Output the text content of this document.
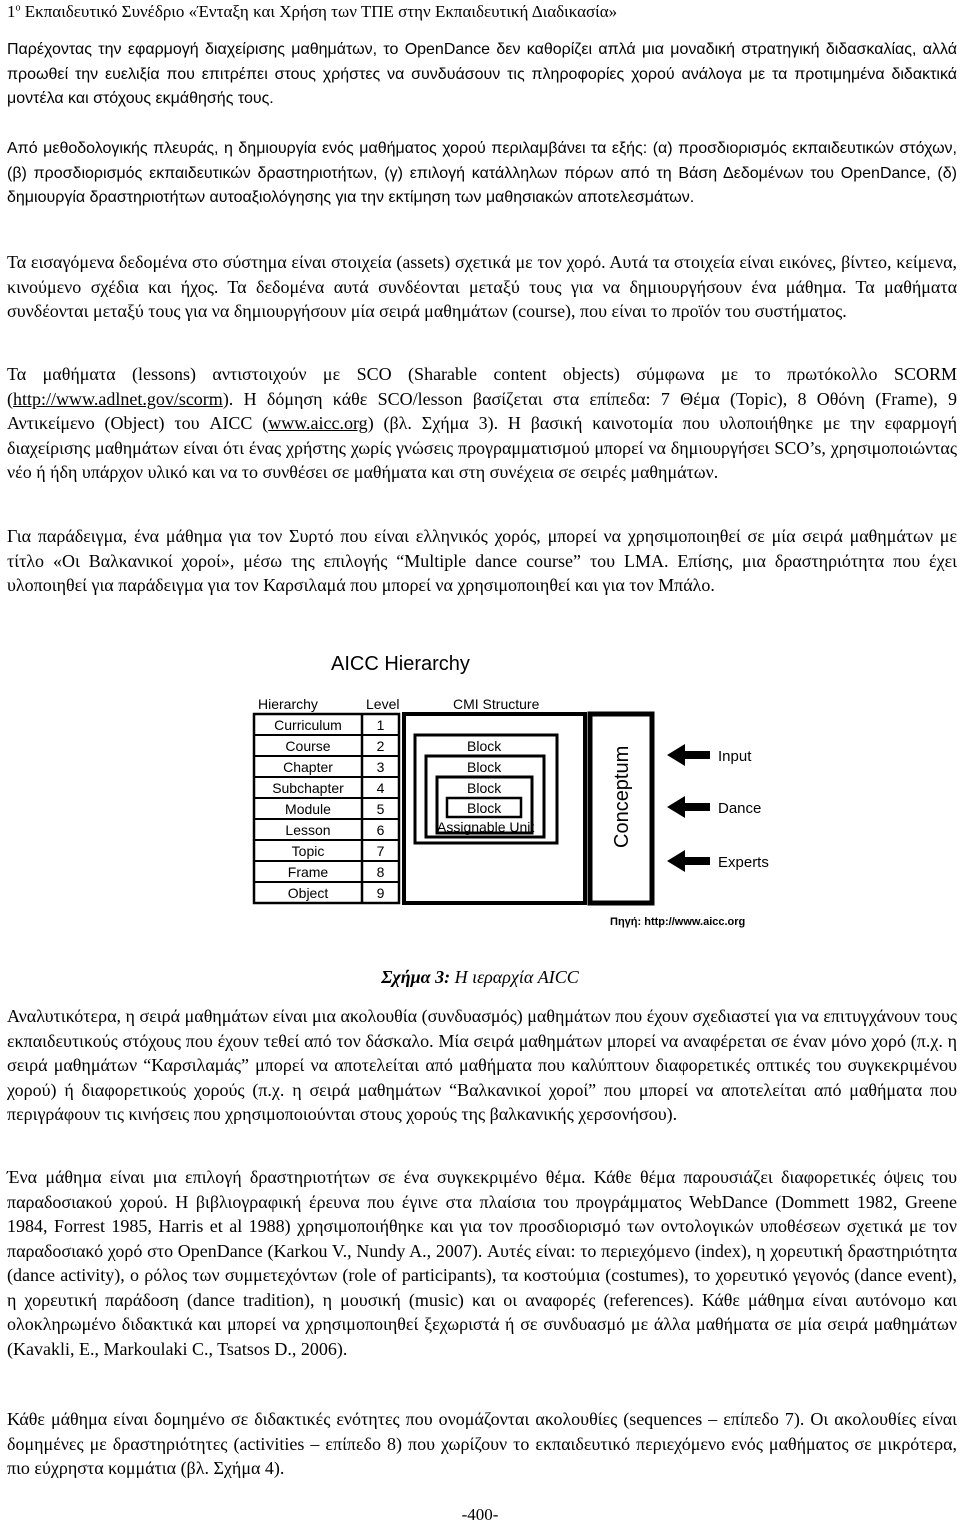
$1^o$ Εκπαιδευτικό Συνέδριο «Ένταξη και Χρήση των ΤΠΕ στην Εκπαιδευτική Διαδικασία»

Παρέχοντας την εφαρμογή διαχείρισης μαθημάτων, το OpenDance δεν καθορίζει απλά μια μοναδική στρατηγική διδασκαλίας, αλλά προωθεί την ευελιξία που επιτρέπει στους χρήστες να συνδυάσουν τις πληροφορίες χορού ανάλογα με τα προτιμημένα διδακτικά μοντέλα και στόχους εκμάθησής τους.

Από μεθοδολογικής πλευράς, η δημιουργία ενός μαθήματος χορού περιλαμβάνει τα εξής: (α) προσδιορισμός εκπαιδευτικών στόχων, (β) προσδιορισμός εκπαιδευτικών δραστηριοτήτων, (γ) επιλογή κατάλληλων πόρων από τη Βάση Δεδομένων του OpenDance, (δ) δημιουργία δραστηριοτήτων αυτοαξιολόγησης για την εκτίμηση των μαθησιακών αποτελεσμάτων.

Τα εισαγόμενα δεδομένα στο σύστημα είναι στοιχεία (assets) σχετικά με τον χορό. Αυτά τα στοιχεία είναι εικόνες, βίντεο, κείμενα, κινούμενο σχέδια και ήχος. Τα δεδομένα αυτά συνδέονται μεταξύ τους για να δημιουργήσουν ένα μάθημα. Τα μαθήματα συνδέονται μεταξύ τους για να δημιουργήσουν μία σειρά μαθημάτων (course), που είναι το προϊόν του συστήματος.

Τα μαθήματα (lessons) αντιστοιχούν με SCO (Sharable content objects) σύμφωνα με το πρωτόκολλο SCORM (http://www.adlnet.gov/scorm). Η δόμηση κάθε SCO/lesson βασίζεται στα επίπεδα: 7 Θέμα (Topic), 8 Οθόνη (Frame), 9 Αντικείμενο (Object) του AICC (www.aicc.org) (βλ. Σχήμα 3). Η βασική καινοτομία που υλοποιήθηκε με την εφαρμογή διαχείρισης μαθημάτων είναι ότι ένας χρήστης χωρίς γνώσεις προγραμματισμού μπορεί να δημιουργήσει SCO’s, χρησιμοποιώντας νέο ή ήδη υπάρχον υλικό και να το συνθέσει σε μαθήματα και στη συνέχεια σε σειρές μαθημάτων.

Για παράδειγμα, ένα μάθημα για τον Συρτό που είναι ελληνικός χορός, μπορεί να χρησιμοποιηθεί σε μία σειρά μαθημάτων με τίτλο «Οι Βαλκανικοί χοροί», μέσω της επιλογής “Multiple dance course” του LMA. Επίσης, μια δραστηριότητα που έχει υλοποιηθεί για παράδειγμα για τον Καρσιλαμά που μπορεί να χρησιμοποιηθεί και για τον Μπάλο.

AICC Hierarchy
Hierarchy	Level	CMI Structure
Curriculum 1
Course	2
Chapter	3
Subchapter 4
Module	5
Lesson	6
Topic	7
Frame	8
Object	9
Block
Block
Block
Block
Assignable Unit	Conceptum	Input
Dance
Experts
Πηγή: http://www.aicc.org
Σχήμα 3: Η ιεραρχία AICC

Αναλυτικότερα, η σειρά μαθημάτων είναι μια ακολουθία (συνδυασμός) μαθημάτων που έχουν σχεδιαστεί για να επιτυγχάνουν τους εκπαιδευτικούς στόχους που έχουν τεθεί από τον δάσκαλο. Μία σειρά μαθημάτων μπορεί να αναφέρεται σε έναν μόνο χορό (π.χ. η σειρά μαθημάτων “Καρσιλαμάς” μπορεί να αποτελείται από μαθήματα που καλύπτουν διαφορετικές οπτικές του συγκεκριμένου χορού) ή διαφορετικούς χορούς (π.χ. η σειρά μαθημάτων “Βαλκανικοί χοροί” που μπορεί να αποτελείται από μαθήματα που περιγράφουν τις κινήσεις που χρησιμοποιούνται στους χορούς της βαλκανικής χερσονήσου).

Ένα μάθημα είναι μια επιλογή δραστηριοτήτων σε ένα συγκεκριμένο θέμα. Κάθε θέμα παρουσιάζει διαφορετικές όψεις του παραδοσιακού χορού. Η βιβλιογραφική έρευνα που έγινε στα πλαίσια του προγράμματος WebDance (Dommett 1982, Greene 1984, Forrest 1985, Harris et al 1988) χρησιμοποιήθηκε και για τον προσδιορισμό των οντολογικών υποθέσεων σχετικά με τον παραδοσιακό χορό στο OpenDance (Karkou V., Nundy A., 2007). Αυτές είναι: το περιεχόμενο (index), η χορευτική δραστηριότητα (dance activity), ο ρόλος των συμμετεχόντων (role of participants), τα κοστούμια (costumes), το χορευτικό γεγονός (dance event), η χορευτική παράδοση (dance tradition), η μουσική (music) και οι αναφορές (references). Κάθε μάθημα είναι αυτόνομο και ολοκληρωμένο διδακτικά και μπορεί να χρησιμοποιηθεί ξεχωριστά ή σε συνδυασμό με άλλα μαθήματα σε μία σειρά μαθημάτων (Kavakli, E., Markoulaki C., Tsatsos D., 2006).

Κάθε μάθημα είναι δομημένο σε διδακτικές ενότητες που ονομάζονται ακολουθίες (sequences – επίπεδο 7). Οι ακολουθίες είναι δομημένες με δραστηριότητες (activities – επίπεδο 8) που χωρίζουν το εκπαιδευτικό περιεχόμενο ενός μαθήματος σε μικρότερα, πιο εύχρηστα κομμάτια (βλ. Σχήμα 4).

-400-
